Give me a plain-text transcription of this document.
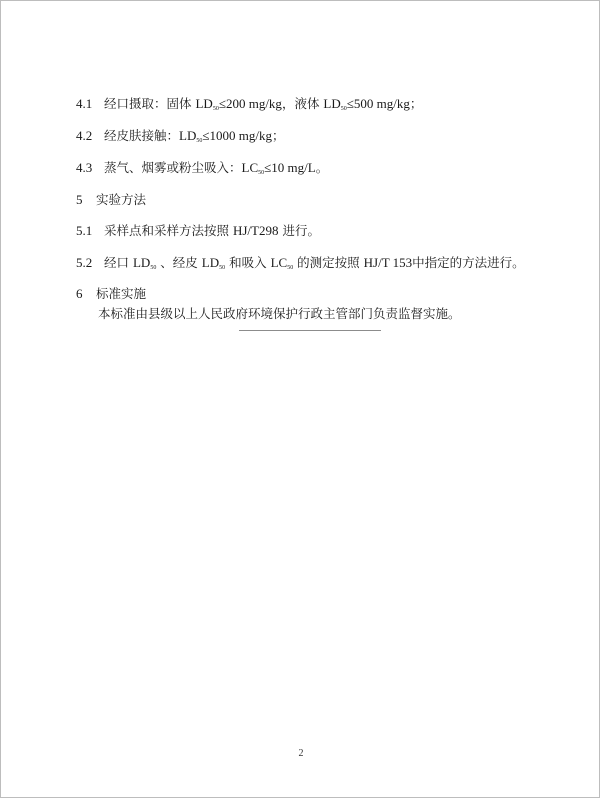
4.1 经口摄取：固体 LD50≤200 mg/kg，液体 LD50≤500 mg/kg；
4.2 经皮肤接触：LD50≤1000 mg/kg；
4.3 蒸气、烟雾或粉尘吸入：LC50≤10 mg/L。
5 实验方法
5.1 采样点和采样方法按照 HJ/T298 进行。
5.2 经口 LD50 、经皮 LD50 和吸入 LC50 的测定按照 HJ/T 153中指定的方法进行。
6 标准实施
本标准由县级以上人民政府环境保护行政主管部门负责监督实施。
2
